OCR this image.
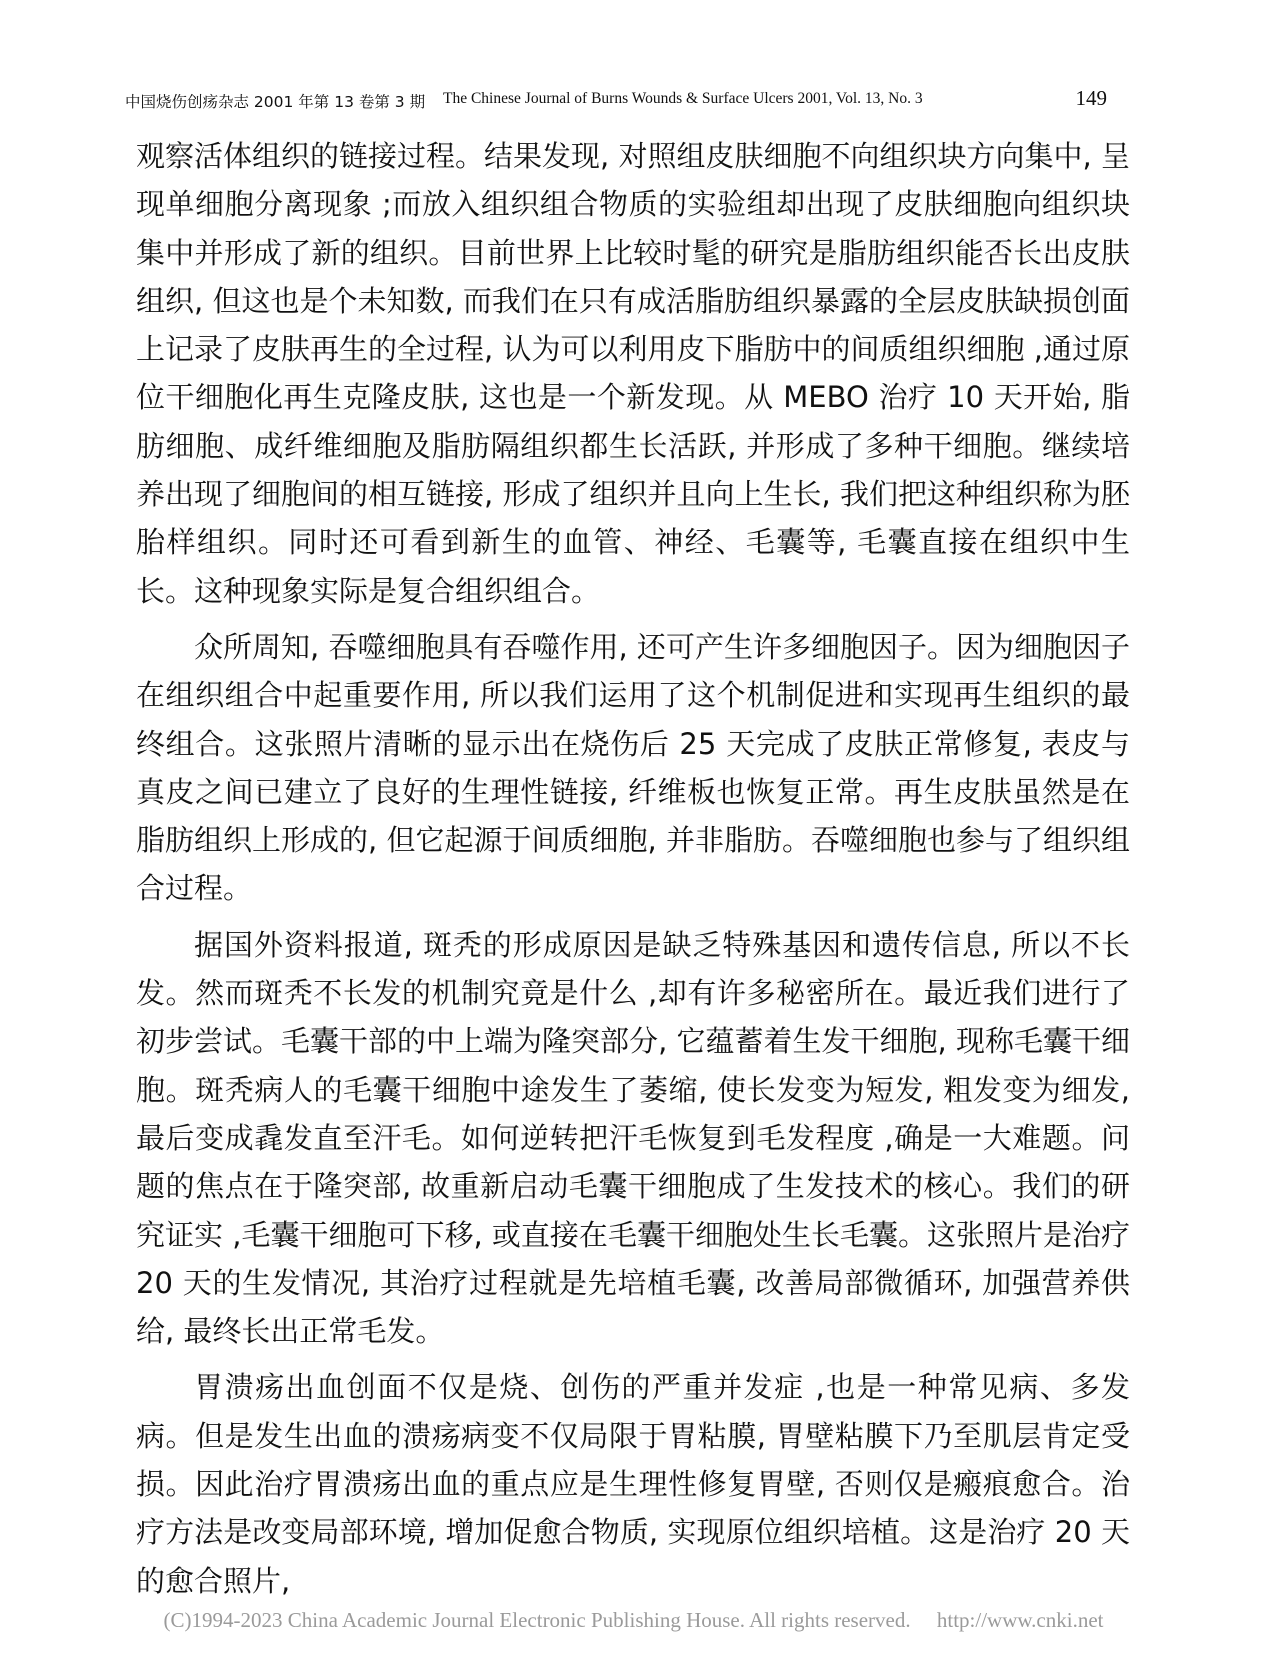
中国烧伤创疡杂志 2001 年第 13 卷第 3 期 The Chinese Journal of Burns Wounds & Surface Ulcers 2001, Vol. 13, No. 3	149

观察活体组织的链接过程。结果发现, 对照组皮肤细胞不向组织块方向集中, 呈现单细胞分离现象 ;而放入组织组合物质的实验组却出现了皮肤细胞向组织块集中并形成了新的组织。目前世界上比较时髦的研究是脂肪组织能否长出皮肤组织, 但这也是个未知数, 而我们在只有成活脂肪组织暴露的全层皮肤缺损创面上记录了皮肤再生的全过程, 认为可以利用皮下脂肪中的间质组织细胞 ,通过原位干细胞化再生克隆皮肤, 这也是一个新发现。从 MEBO 治疗 10 天开始, 脂肪细胞、成纤维细胞及脂肪隔组织都生长活跃, 并形成了多种干细胞。继续培养出现了细胞间的相互链接, 形成了组织并且向上生长, 我们把这种组织称为胚胎样组织。同时还可看到新生的血管、神经、毛囊等, 毛囊直接在组织中生长。这种现象实际是复合组织组合。

众所周知, 吞噬细胞具有吞噬作用, 还可产生许多细胞因子。因为细胞因子在组织组合中起重要作用, 所以我们运用了这个机制促进和实现再生组织的最终组合。这张照片清晰的显示出在烧伤后 25 天完成了皮肤正常修复, 表皮与真皮之间已建立了良好的生理性链接, 纤维板也恢复正常。再生皮肤虽然是在脂肪组织上形成的, 但它起源于间质细胞, 并非脂肪。吞噬细胞也参与了组织组合过程。

据国外资料报道, 斑秃的形成原因是缺乏特殊基因和遗传信息, 所以不长发。然而斑秃不长发的机制究竟是什么 ,却有许多秘密所在。最近我们进行了初步尝试。毛囊干部的中上端为隆突部分, 它蕴蓄着生发干细胞, 现称毛囊干细胞。斑秃病人的毛囊干细胞中途发生了萎缩, 使长发变为短发, 粗发变为细发, 最后变成毳发直至汗毛。如何逆转把汗毛恢复到毛发程度 ,确是一大难题。问题的焦点在于隆突部, 故重新启动毛囊干细胞成了生发技术的核心。我们的研究证实 ,毛囊干细胞可下移, 或直接在毛囊干细胞处生长毛囊。这张照片是治疗 20 天的生发情况, 其治疗过程就是先培植毛囊, 改善局部微循环, 加强营养供给, 最终长出正常毛发。

胃溃疡出血创面不仅是烧、创伤的严重并发症 ,也是一种常见病、多发病。但是发生出血的溃疡病变不仅局限于胃粘膜, 胃壁粘膜下乃至肌层肯定受损。因此治疗胃溃疡出血的重点应是生理性修复胃壁, 否则仅是瘢痕愈合。治疗方法是改变局部环境, 增加促愈合物质, 实现原位组织培植。这是治疗 20 天的愈合照片,

(C)1994-2023 China Academic Journal Electronic Publishing House. All rights reserved. http://www.cnki.net
